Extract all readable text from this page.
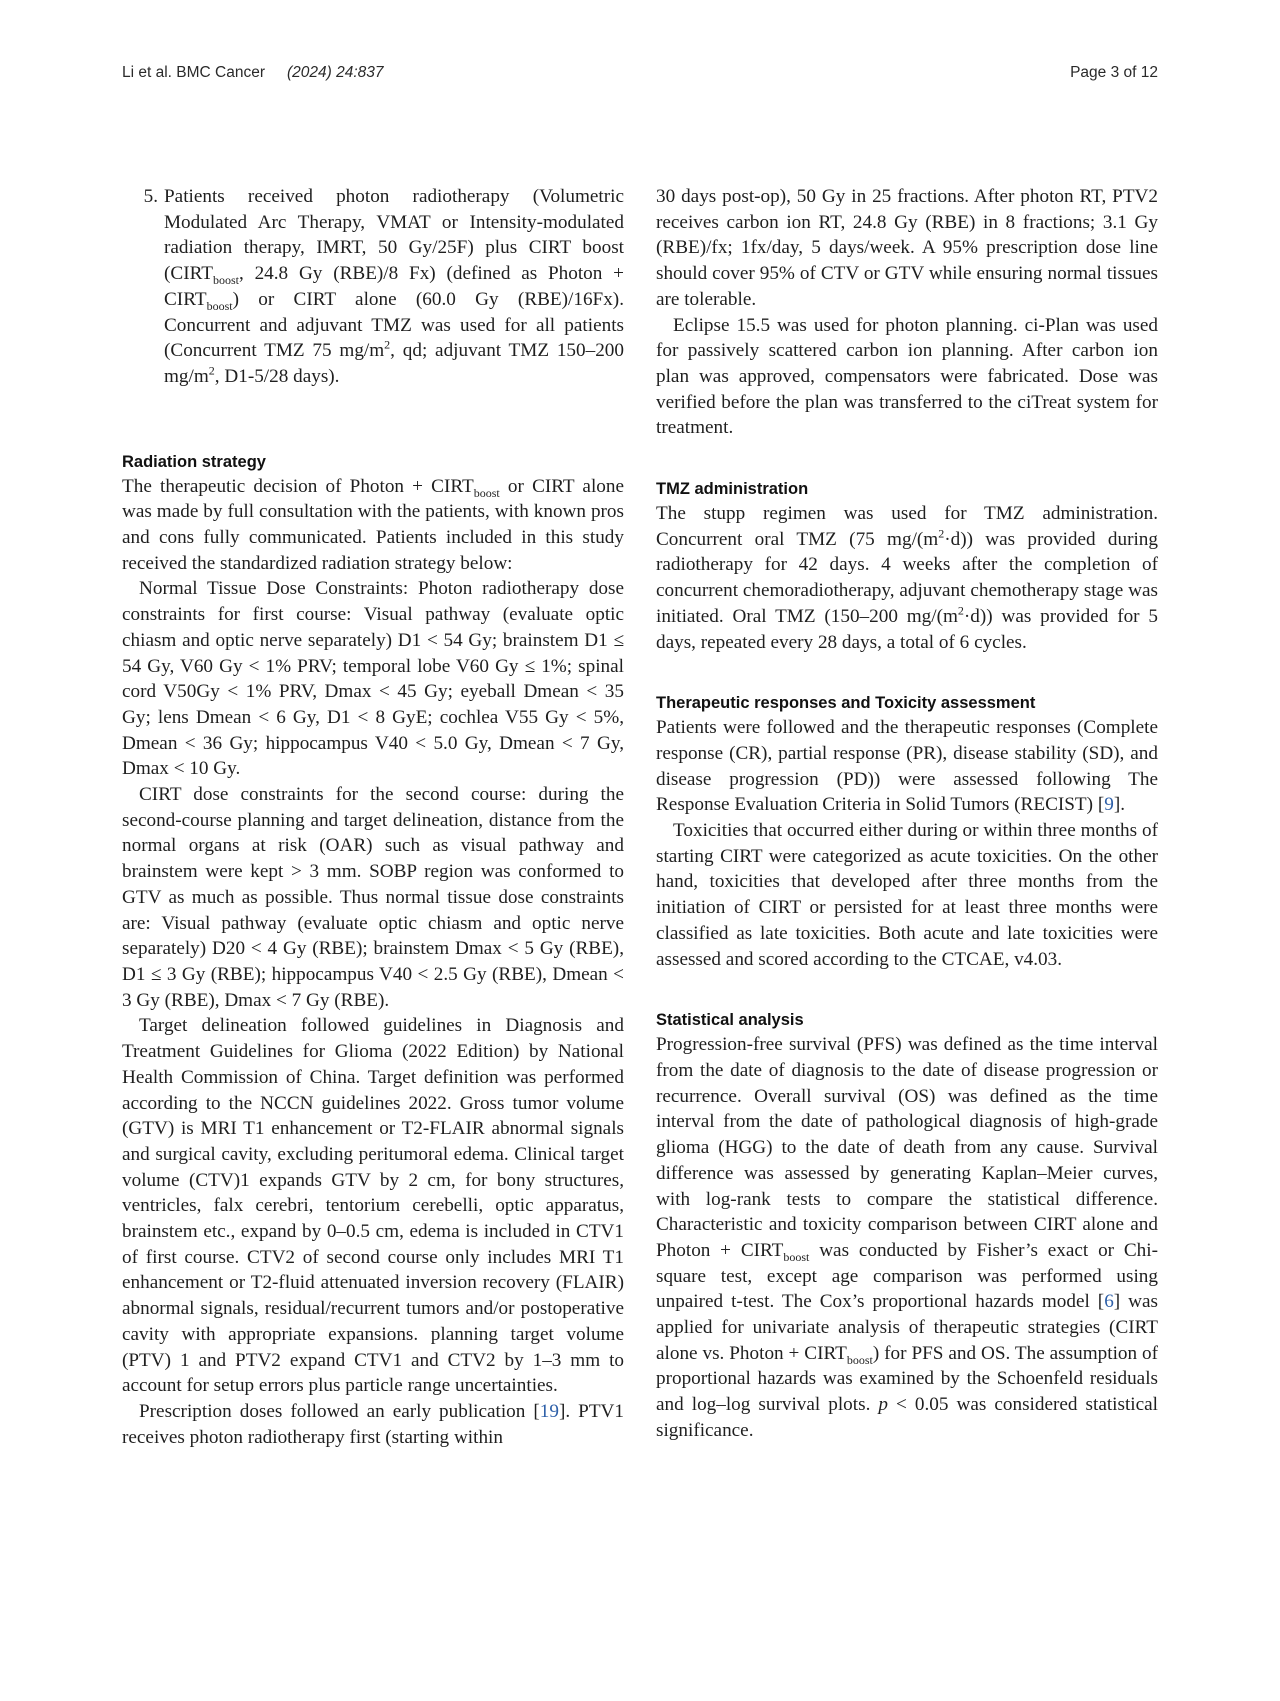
Li et al. BMC Cancer (2024) 24:837	Page 3 of 12
5. Patients received photon radiotherapy (Volumetric Modulated Arc Therapy, VMAT or Intensity-modulated radiation therapy, IMRT, 50 Gy/25F) plus CIRT boost ($CIRT_{boost}$, 24.8 Gy (RBE)/8 Fx) (defined as Photon + $CIRT_{boost}$) or CIRT alone (60.0 Gy (RBE)/16Fx). Concurrent and adjuvant TMZ was used for all patients (Concurrent TMZ 75 $mg/m^2$, qd; adjuvant TMZ 150–200 $mg/m^2$, D1-5/28 days).
Radiation strategy

The therapeutic decision of Photon + $CIRT_{boost}$ or CIRT alone was made by full consultation with the patients, with known pros and cons fully communicated. Patients included in this study received the standardized radiation strategy below:

Normal Tissue Dose Constraints: Photon radiotherapy dose constraints for first course: Visual pathway (evaluate optic chiasm and optic nerve separately) D1 < 54 Gy; brainstem D1 ≤ 54 Gy, V60 Gy < 1% PRV; temporal lobe V60 Gy ≤ 1%; spinal cord V50Gy < 1% PRV, Dmax < 45 Gy; eyeball Dmean < 35 Gy; lens Dmean < 6 Gy, D1 < 8 GyE; cochlea V55 Gy < 5%, Dmean < 36 Gy; hippocampus V40 < 5.0 Gy, Dmean < 7 Gy, Dmax < 10 Gy.

CIRT dose constraints for the second course: during the second-course planning and target delineation, distance from the normal organs at risk (OAR) such as visual pathway and brainstem were kept > 3 mm. SOBP region was conformed to GTV as much as possible. Thus normal tissue dose constraints are: Visual pathway (evaluate optic chiasm and optic nerve separately) D20 < 4 Gy (RBE); brainstem Dmax < 5 Gy (RBE), D1 ≤ 3 Gy (RBE); hippocampus V40 < 2.5 Gy (RBE), Dmean < 3 Gy (RBE), Dmax < 7 Gy (RBE).

Target delineation followed guidelines in Diagnosis and Treatment Guidelines for Glioma (2022 Edition) by National Health Commission of China. Target definition was performed according to the NCCN guidelines 2022. Gross tumor volume (GTV) is MRI T1 enhancement or T2-FLAIR abnormal signals and surgical cavity, excluding peritumoral edema. Clinical target volume (CTV)1 expands GTV by 2 cm, for bony structures, ventricles, falx cerebri, tentorium cerebelli, optic apparatus, brainstem etc., expand by 0–0.5 cm, edema is included in CTV1 of first course. CTV2 of second course only includes MRI T1 enhancement or T2-fluid attenuated inversion recovery (FLAIR) abnormal signals, residual/recurrent tumors and/or postoperative cavity with appropriate expansions. planning target volume (PTV) 1 and PTV2 expand CTV1 and CTV2 by 1–3 mm to account for setup errors plus particle range uncertainties.

Prescription doses followed an early publication [19]. PTV1 receives photon radiotherapy first (starting within

30 days post-op), 50 Gy in 25 fractions. After photon RT, PTV2 receives carbon ion RT, 24.8 Gy (RBE) in 8 fractions; 3.1 Gy (RBE)/fx; 1fx/day, 5 days/week. A 95% prescription dose line should cover 95% of CTV or GTV while ensuring normal tissues are tolerable.

Eclipse 15.5 was used for photon planning. ci-Plan was used for passively scattered carbon ion planning. After carbon ion plan was approved, compensators were fabricated. Dose was verified before the plan was transferred to the ciTreat system for treatment.

TMZ administration

The stupp regimen was used for TMZ administration. Concurrent oral TMZ (75 $mg/(m^2\cdot d)$) was provided during radiotherapy for 42 days. 4 weeks after the completion of concurrent chemoradiotherapy, adjuvant chemotherapy stage was initiated. Oral TMZ (150–200 $mg/(m^2\cdot d)$) was provided for 5 days, repeated every 28 days, a total of 6 cycles.

Therapeutic responses and Toxicity assessment

Patients were followed and the therapeutic responses (Complete response (CR), partial response (PR), disease stability (SD), and disease progression (PD)) were assessed following The Response Evaluation Criteria in Solid Tumors (RECIST) [9].

Toxicities that occurred either during or within three months of starting CIRT were categorized as acute toxicities. On the other hand, toxicities that developed after three months from the initiation of CIRT or persisted for at least three months were classified as late toxicities. Both acute and late toxicities were assessed and scored according to the CTCAE, v4.03.

Statistical analysis

Progression-free survival (PFS) was defined as the time interval from the date of diagnosis to the date of disease progression or recurrence. Overall survival (OS) was defined as the time interval from the date of pathological diagnosis of high-grade glioma (HGG) to the date of death from any cause. Survival difference was assessed by generating Kaplan–Meier curves, with log-rank tests to compare the statistical difference. Characteristic and toxicity comparison between CIRT alone and Photon + $CIRT_{boost}$ was conducted by Fisher’s exact or Chi-square test, except age comparison was performed using unpaired t-test. The Cox’s proportional hazards model [6] was applied for univariate analysis of therapeutic strategies (CIRT alone vs. Photon + $CIRT_{boost}$) for PFS and OS. The assumption of proportional hazards was examined by the Schoenfeld residuals and log–log survival plots. p < 0.05 was considered statistical significance.
